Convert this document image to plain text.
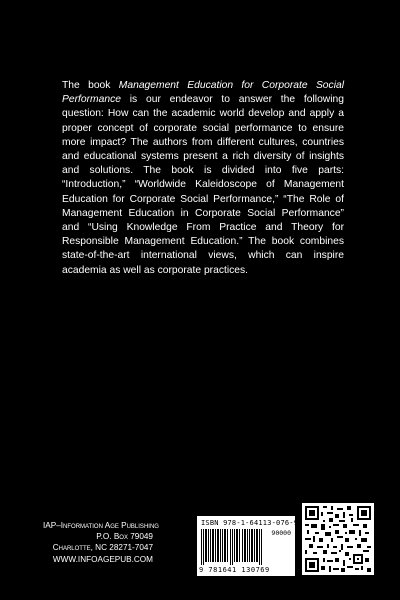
The book Management Education for Corporate Social Performance is our endeavor to answer the following question: How can the academic world develop and apply a proper concept of corporate social performance to ensure more impact? The authors from different cultures, countries and educational systems present a rich diversity of insights and solutions. The book is divided into five parts: “Introduction,” “Worldwide Kaleidoscope of Management Education for Corporate Social Performance,” “The Role of Management Education in Corporate Social Performance” and “Using Knowledge From Practice and Theory for Responsible Management Education.” The book combines state-of-the-art international views, which can inspire academia as well as corporate practices.

IAP–Information Age Publishing
P.O. Box 79049
Charlotte, NC 28271-7047
WWW.INFOAGEPUB.COM
ISBN 978-1-64113-076-9
90000
9 781641 130769
